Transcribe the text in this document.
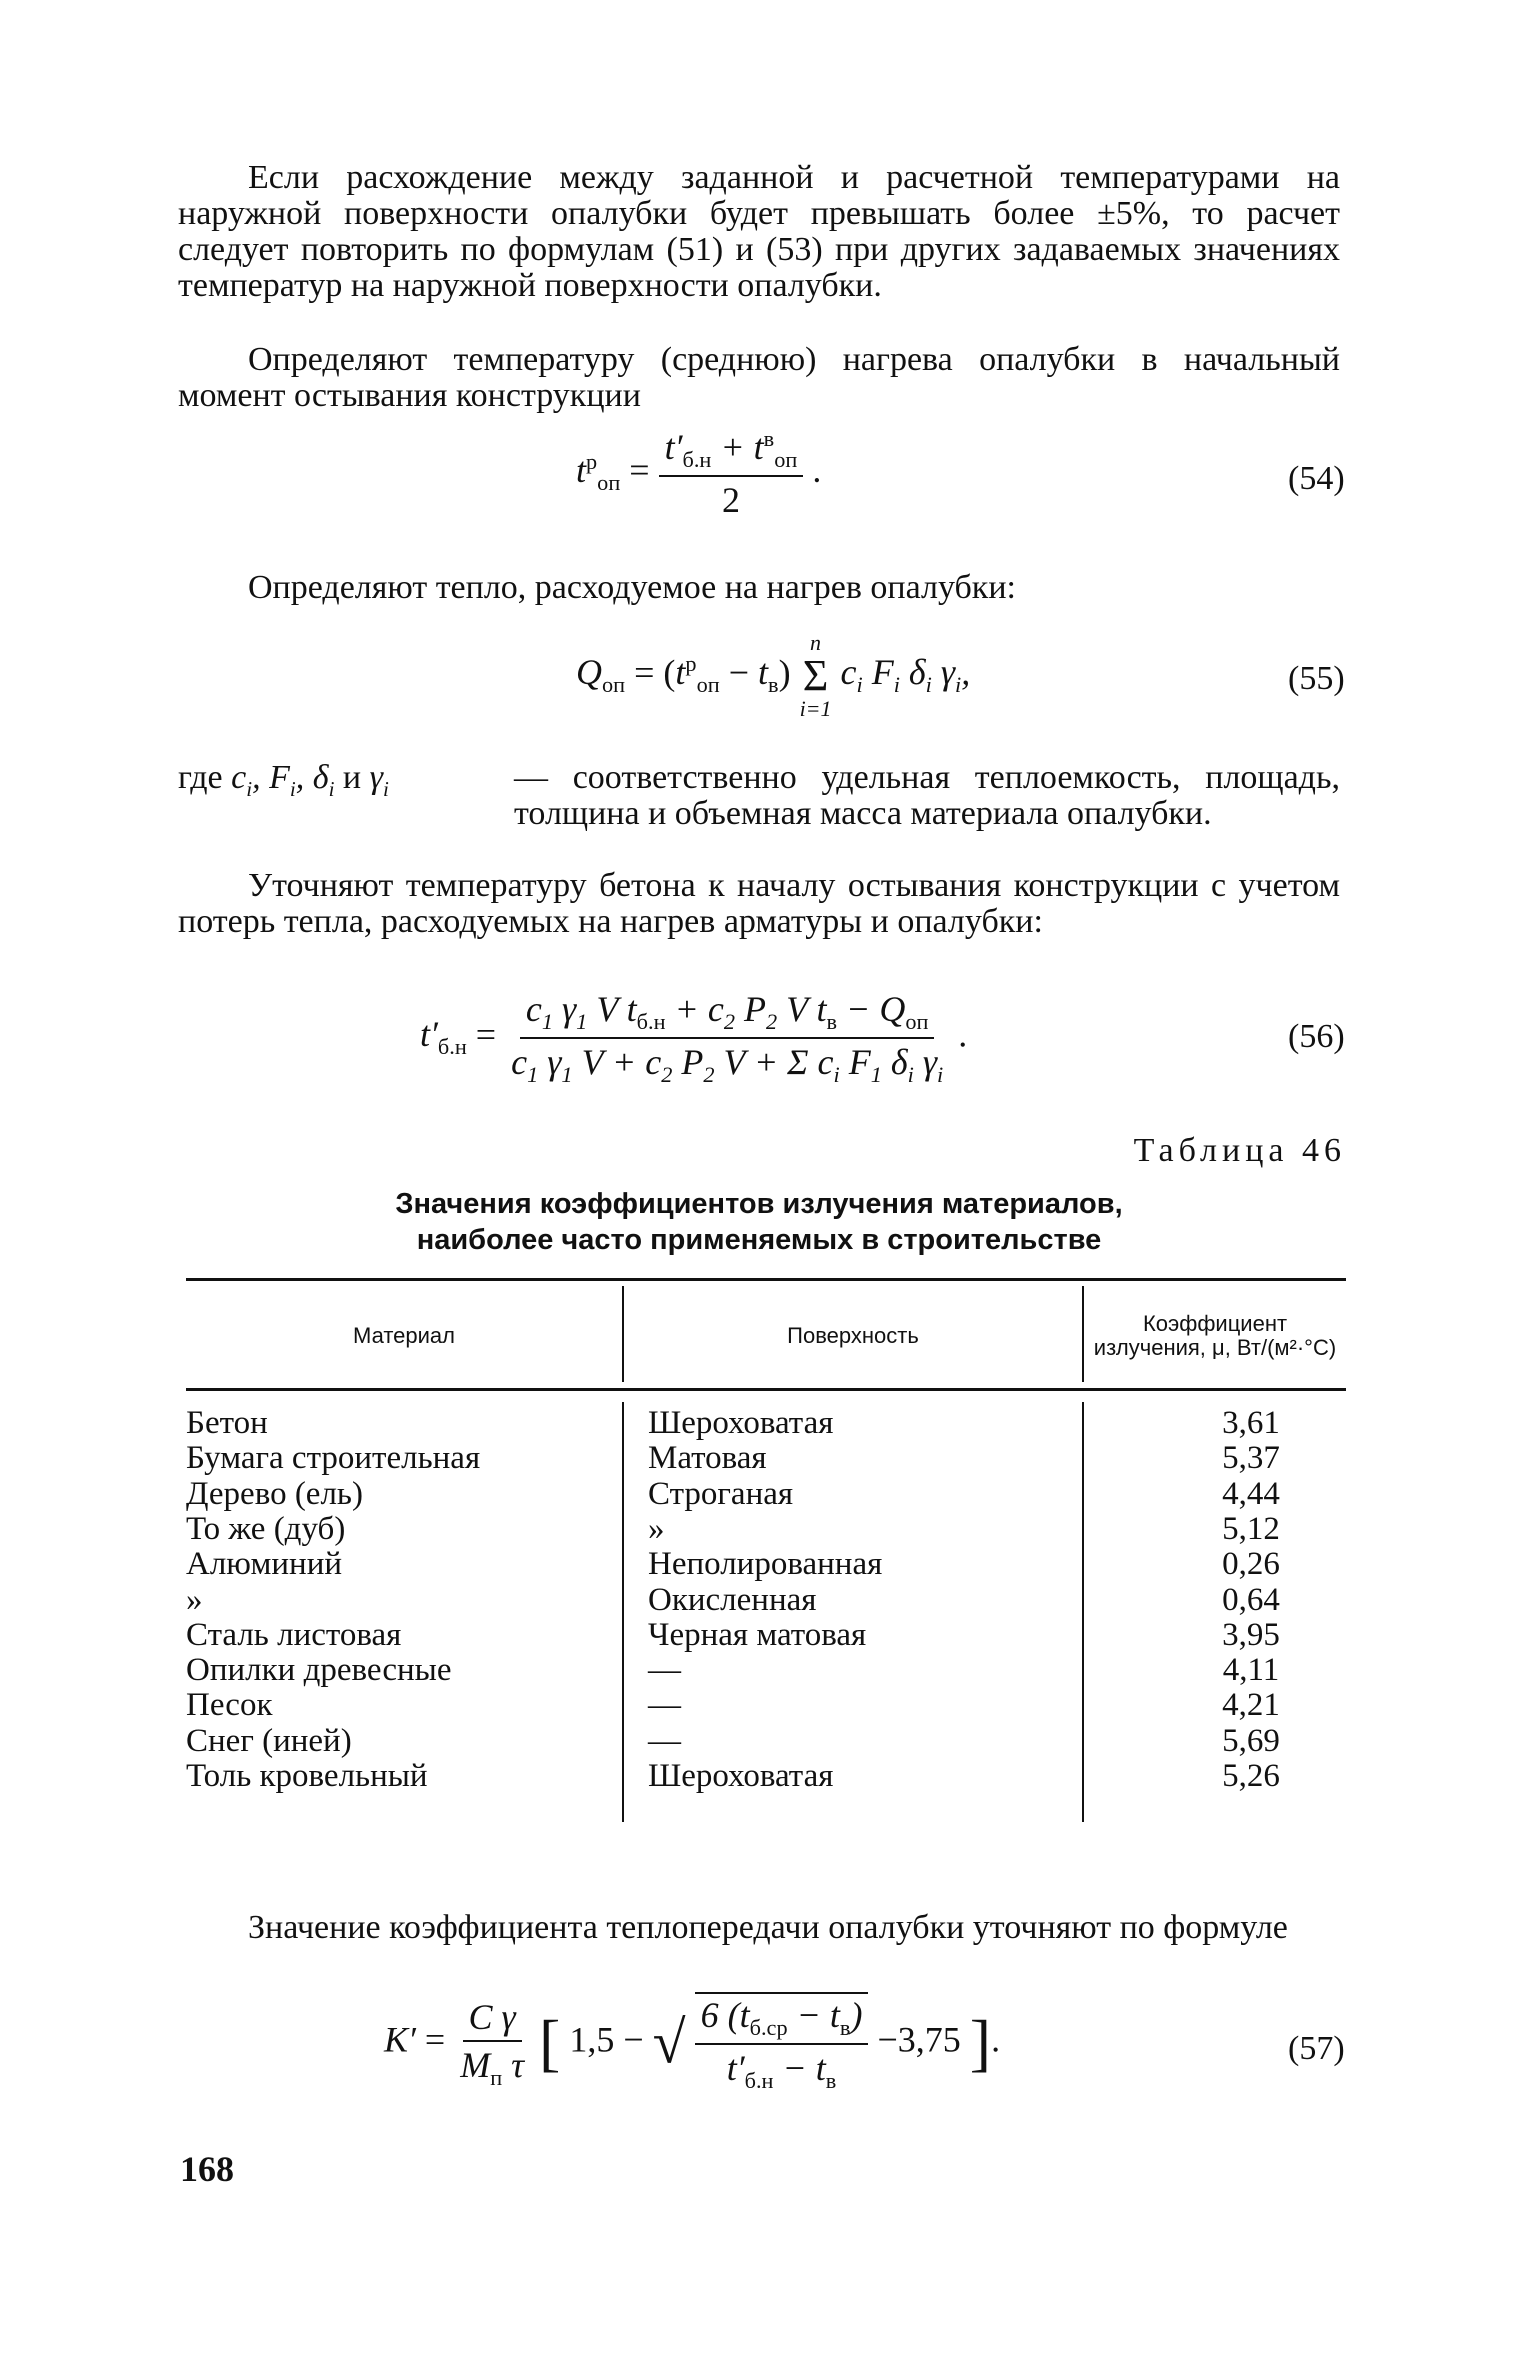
Если расхождение между заданной и расчетной температурами на наружной поверхности опалубки будет превышать более ±5%, то расчет следует повторить по формулам (51) и (53) при других задаваемых значениях температур на наружной поверхности опалубки.

Определяют температуру (среднюю) нагрева опалубки в начальный момент остывания конструкции

$t^р_{оп} = \frac{t'_{б.н} + t^в_{оп}}{2}$ .	(54)

Определяют тепло, расходуемое на нагрев опалубки:

$Q_{оп} = (t^р_{оп} - t_в)$
n
Σ
i=1
$c_i$ $F_i$ $\delta_i$ $\gamma_i$,	(55)
где $c_i$, $F_i$, $\delta_i$ и $\gamma_i$	— соответственно удельная теплоемкость, площадь, толщина и объемная масса материала опалубки.

Уточняют температуру бетона к началу остывания конструкции с учетом потерь тепла, расходуемых на нагрев арматуры и опалубки:

$t'_{б.н} = \frac{c_1 \gamma_1 V t_{б.н} + c_2 P_2 V t_в - Q_{оп}}{c_1 \gamma_1 V + c_2 P_2 V + \Sigma c_i F_1 \delta_i \gamma_i}$ .	(56)
Таблица 46
Значения коэффициентов излучения материалов,
наиболее часто применяемых в строительстве
Материал	Поверхность	Коэффициент излучения, μ, Вт/(м²·°С)
Бетон	Шероховатая	3,61
Бумага строительная	Матовая	5,37
Дерево (ель)	Строганая	4,44
То же (дуб)	»	5,12
Алюминий	Неполированная	0,26
»	Окисленная	0,64
Сталь листовая	Черная матовая	3,95
Опилки древесные	—	4,11
Песок	—	4,21
Снег (иней)	—	5,69
Толь кровельный	Шероховатая	5,26

Значение коэффициента теплопередачи опалубки уточняют по формуле

$K' = \frac{\text{C γ}}{M_п \tau}$ [ 1,5 − √ $\frac{6 (t_{б.ср} - t_в)}{t'_{б.н} - t_в} -3,75$ ].	(57)
168
